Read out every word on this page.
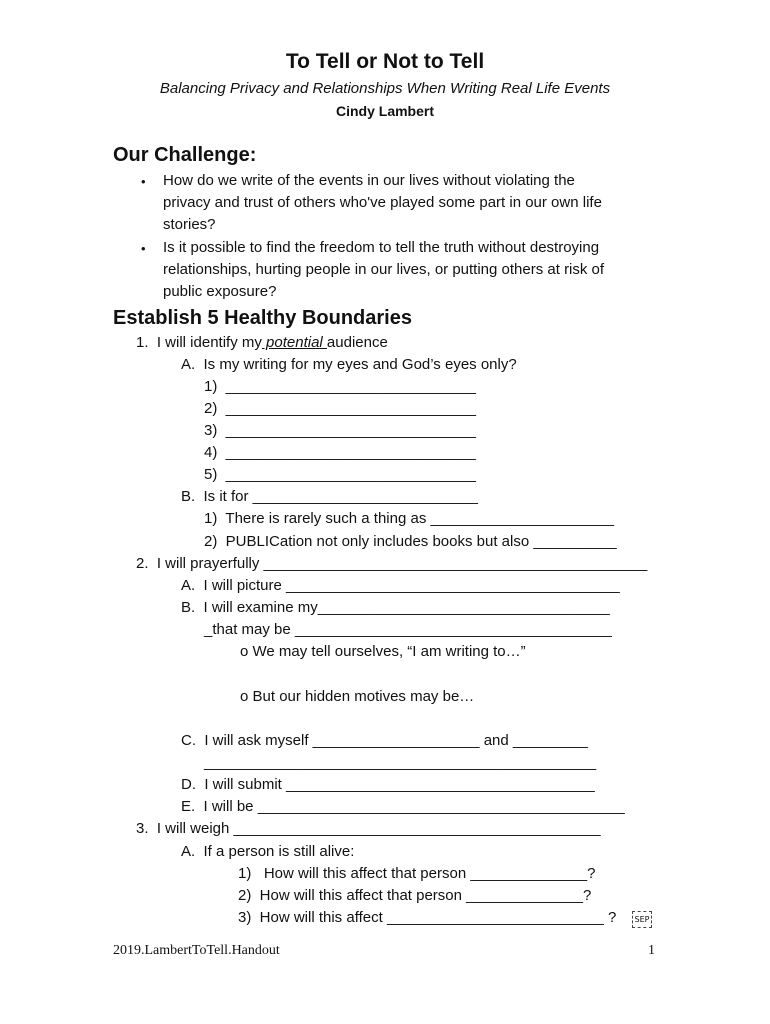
To Tell or Not to Tell
Balancing Privacy and Relationships When Writing Real Life Events
Cindy Lambert
Our Challenge:
• How do we write of the events in our lives without violating the
privacy and trust of others who've played some part in our own life
stories?
• Is it possible to find the freedom to tell the truth without destroying
relationships, hurting people in our lives, or putting others at risk of
public exposure?
Establish 5 Healthy Boundaries
1.  I will identify my potential audience
A.  Is my writing for my eyes and God’s eyes only?
1)  ______________________________
2)  ______________________________
3)  ______________________________
4)  ______________________________
5)  ______________________________
B.  Is it for ___________________________
1)  There is rarely such a thing as ______________________
2)  PUBLICation not only includes books but also __________
2.  I will prayerfully ______________________________________________
A.  I will picture ________________________________________
B.  I will examine my___________________________________
_that may be ______________________________________
o We may tell ourselves, “I am writing to…”
o But our hidden motives may be…
C.  I will ask myself ____________________ and _________
_______________________________________________
D.  I will submit _____________________________________
E.  I will be ____________________________________________
3.  I will weigh ____________________________________________
A.  If a person is still alive:
1)   How will this affect that person ______________?
2)  How will this affect that person ______________?
3)  How will this affect __________________________ ?	SEP
2019.LambertToTell.Handout	1
